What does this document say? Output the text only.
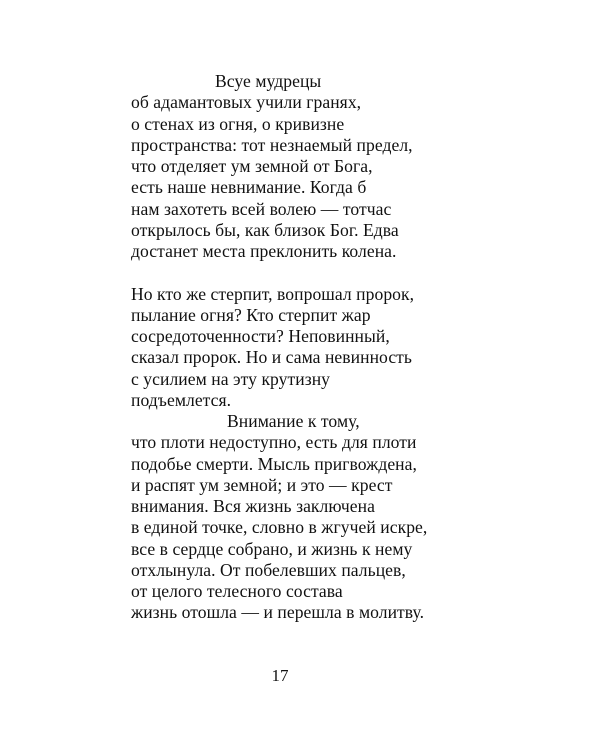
Всуе мудрецы
об адамантовых учили гранях,
о стенах из огня, о кривизне
пространства: тот незнаемый предел,
что отделяет ум земной от Бога,
есть наше невнимание. Когда б
нам захотеть всей волею — тотчас
открылось бы, как близок Бог. Едва
достанет места преклонить колена.
Но кто же стерпит, вопрошал пророк,
пылание огня? Кто стерпит жар
сосредоточенности? Неповинный,
сказал пророк. Но и сама невинность
с усилием на эту крутизну
подъемлется.
Внимание к тому,
что плоти недоступно, есть для плоти
подобье смерти. Мысль пригвождена,
и распят ум земной; и это — крест
внимания. Вся жизнь заключена
в единой точке, словно в жгучей искре,
все в сердце собрано, и жизнь к нему
отхлынула. От побелевших пальцев,
от целого телесного состава
жизнь отошла — и перешла в молитву.
17
